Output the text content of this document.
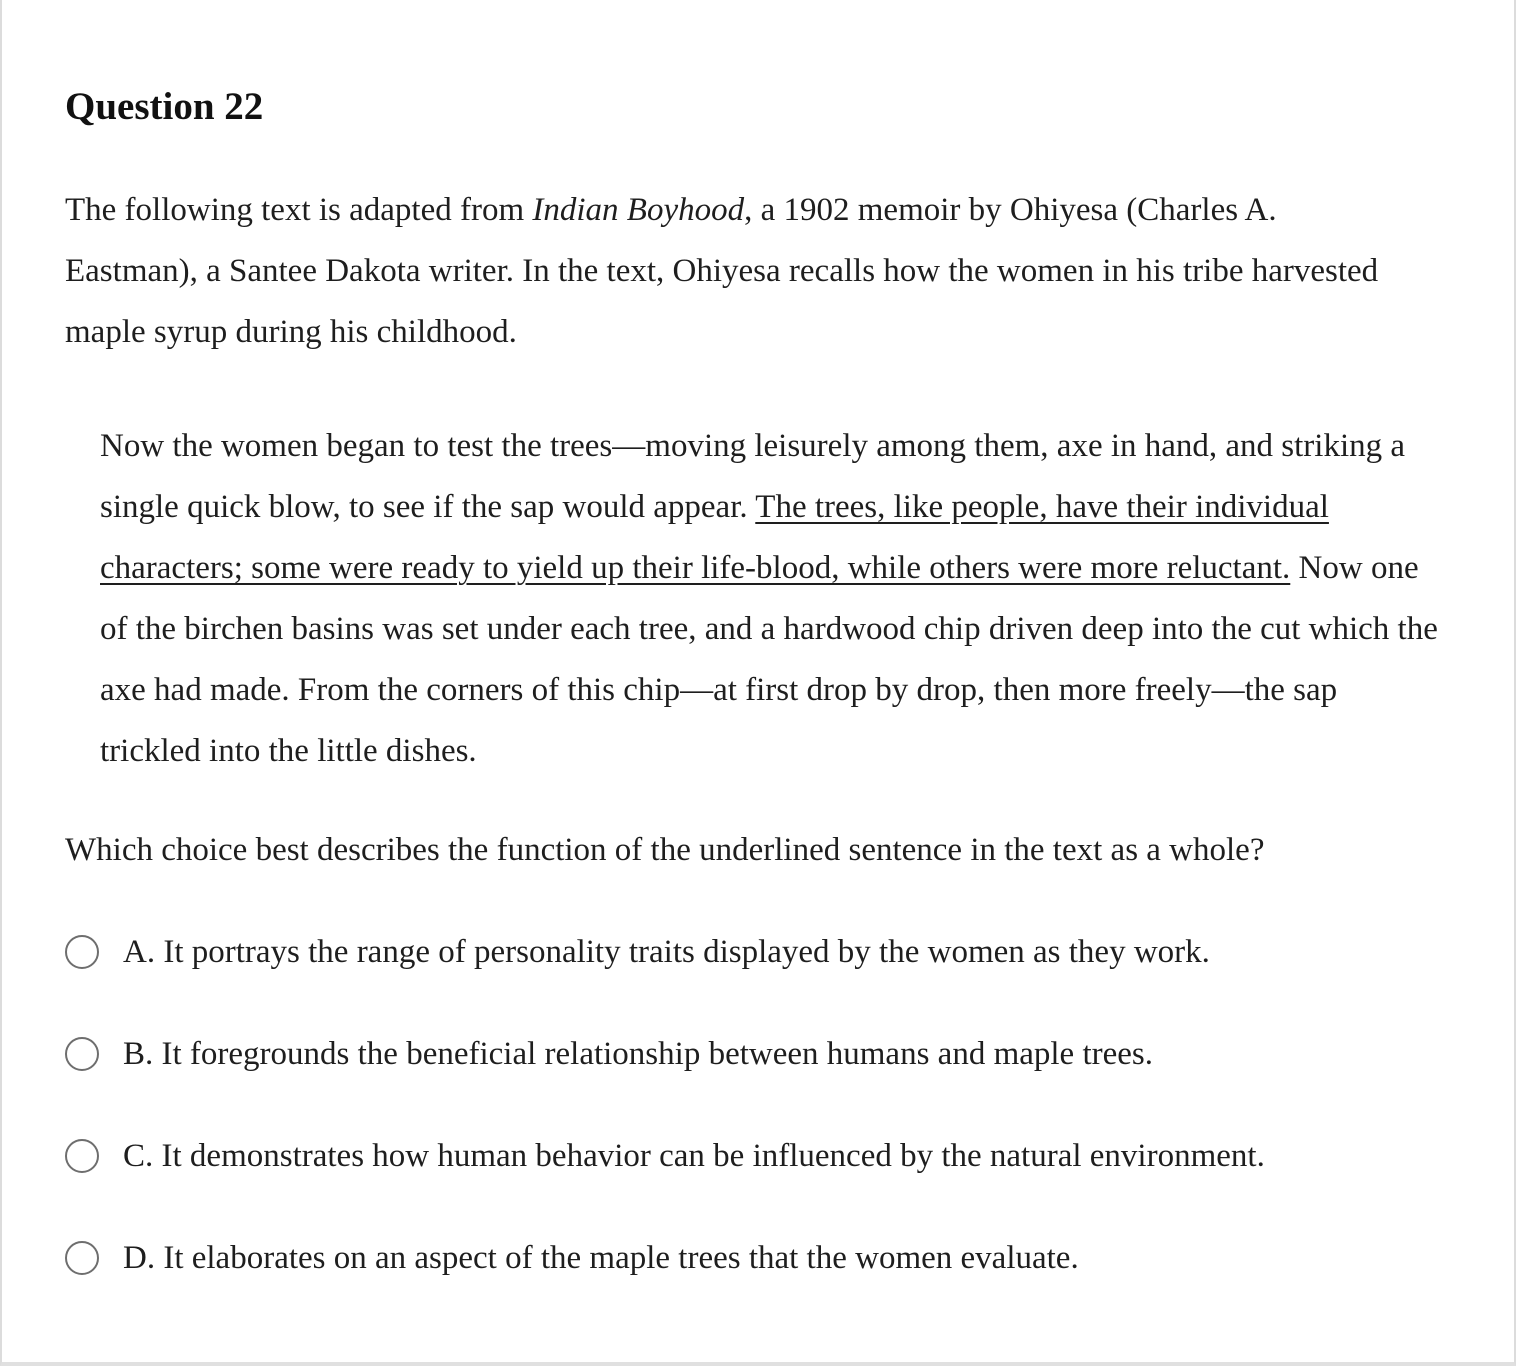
Question 22

The following text is adapted from Indian Boyhood, a 1902 memoir by Ohiyesa (Charles A. Eastman), a Santee Dakota writer. In the text, Ohiyesa recalls how the women in his tribe harvested maple syrup during his childhood.

Now the women began to test the trees—moving leisurely among them, axe in hand, and striking a single quick blow, to see if the sap would appear. The trees, like people, have their individual characters; some were ready to yield up their life-blood, while others were more reluctant. Now one of the birchen basins was set under each tree, and a hardwood chip driven deep into the cut which the axe had made. From the corners of this chip—at first drop by drop, then more freely—the sap trickled into the little dishes.

Which choice best describes the function of the underlined sentence in the text as a whole?

A. It portrays the range of personality traits displayed by the women as they work.
B. It foregrounds the beneficial relationship between humans and maple trees.
C. It demonstrates how human behavior can be influenced by the natural environment.
D. It elaborates on an aspect of the maple trees that the women evaluate.
